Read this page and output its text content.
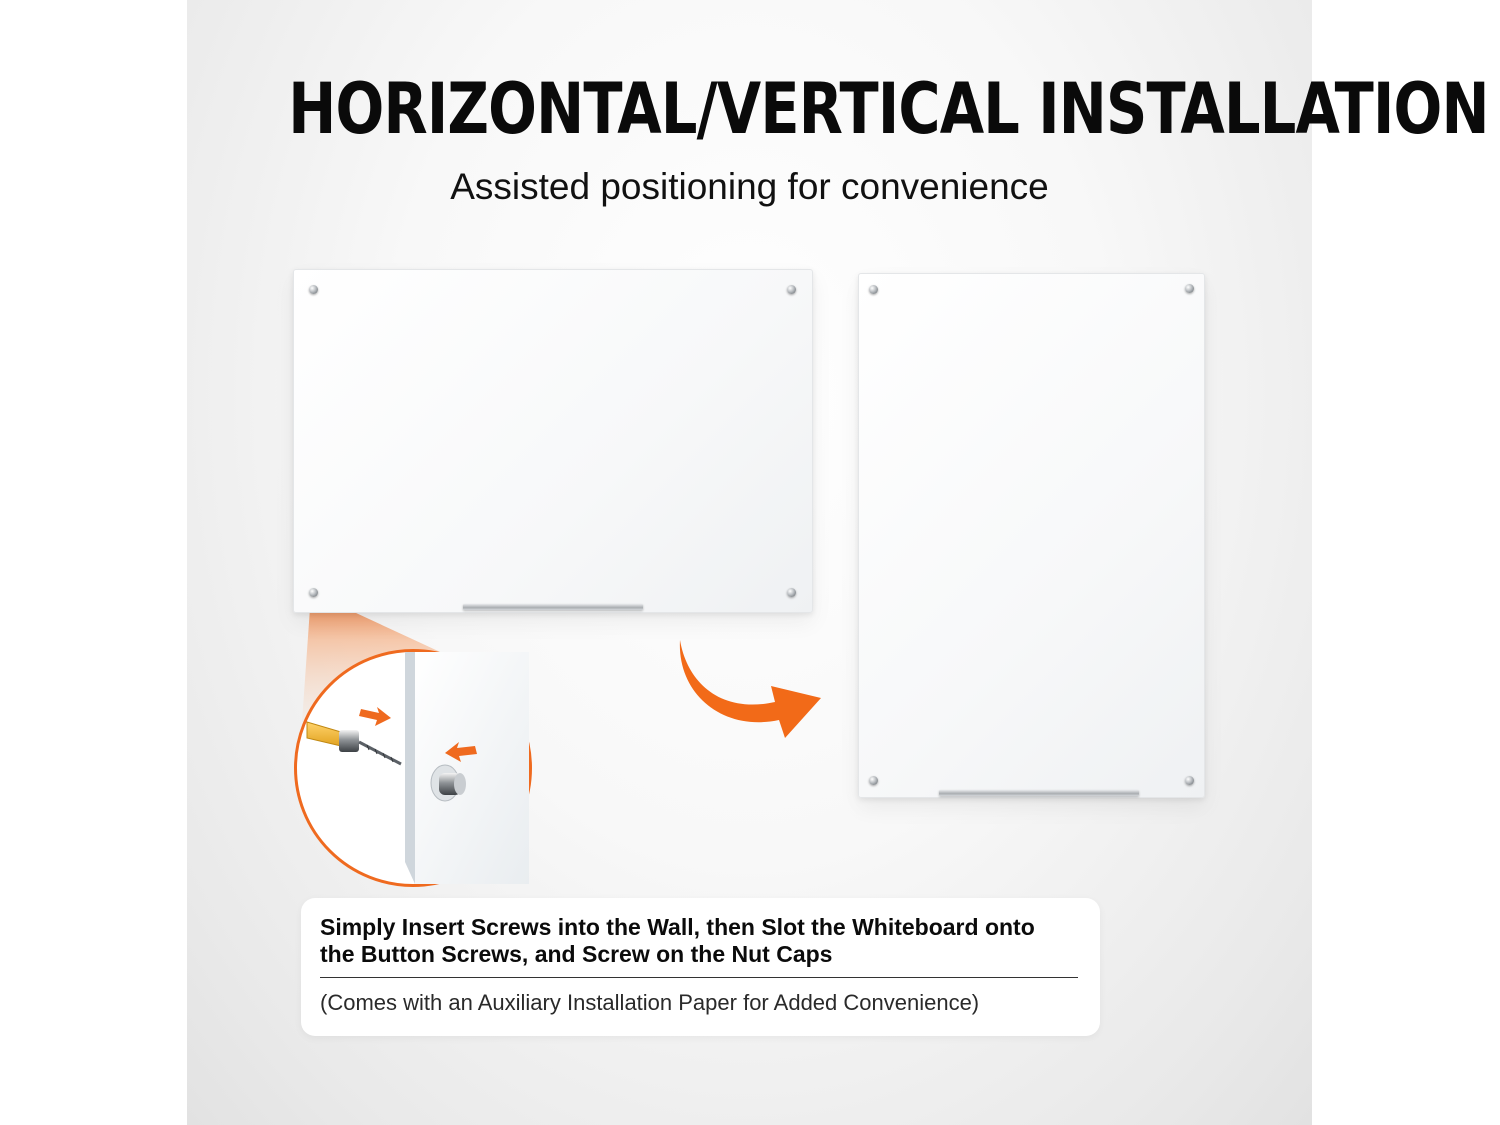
HORIZONTAL/VERTICAL INSTALLATION
Assisted positioning for convenience
Simply Insert Screws into the Wall, then Slot the Whiteboard onto the Button Screws, and Screw on the Nut Caps
(Comes with an Auxiliary Installation Paper for Added Convenience)
